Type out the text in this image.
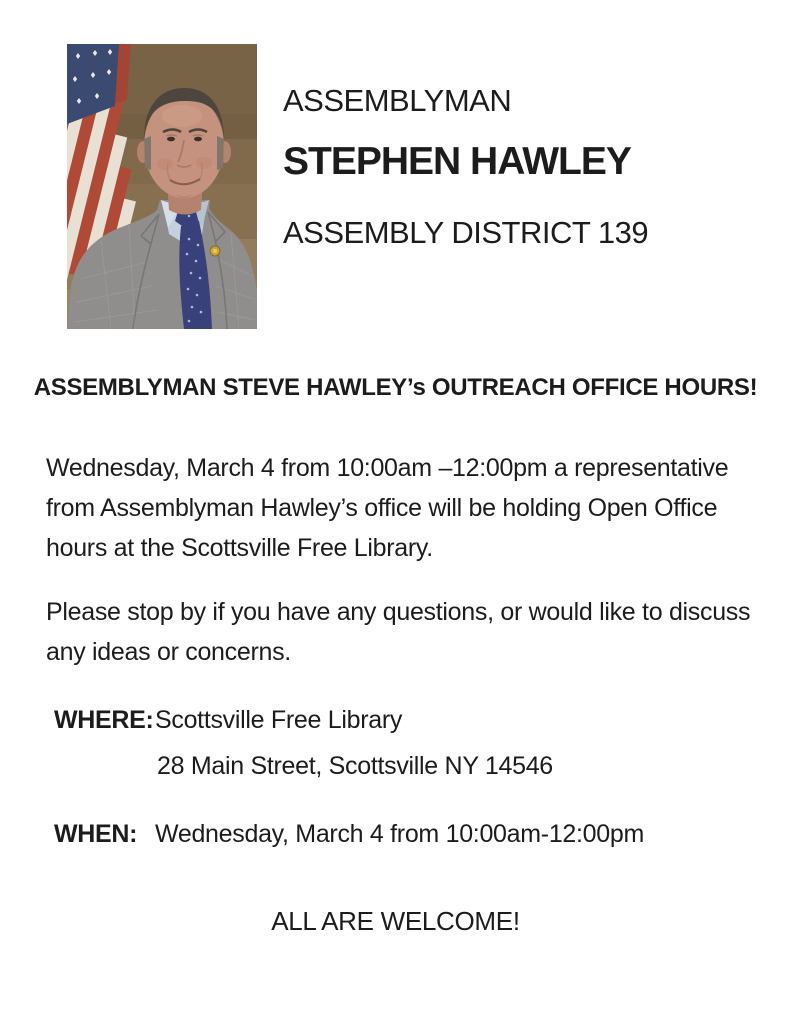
ASSEMBLYMAN
STEPHEN HAWLEY
ASSEMBLY DISTRICT 139
ASSEMBLYMAN STEVE HAWLEY’s OUTREACH OFFICE HOURS!
Wednesday, March 4 from 10:00am –12:00pm a representative
from Assemblyman Hawley’s office will be holding Open Office
hours at the Scottsville Free Library.
Please stop by if you have any questions, or would like to discuss
any ideas or concerns.
WHERE:Scottsville Free Library
28 Main Street, Scottsville NY 14546
WHEN: Wednesday, March 4 from 10:00am-12:00pm
ALL ARE WELCOME!
